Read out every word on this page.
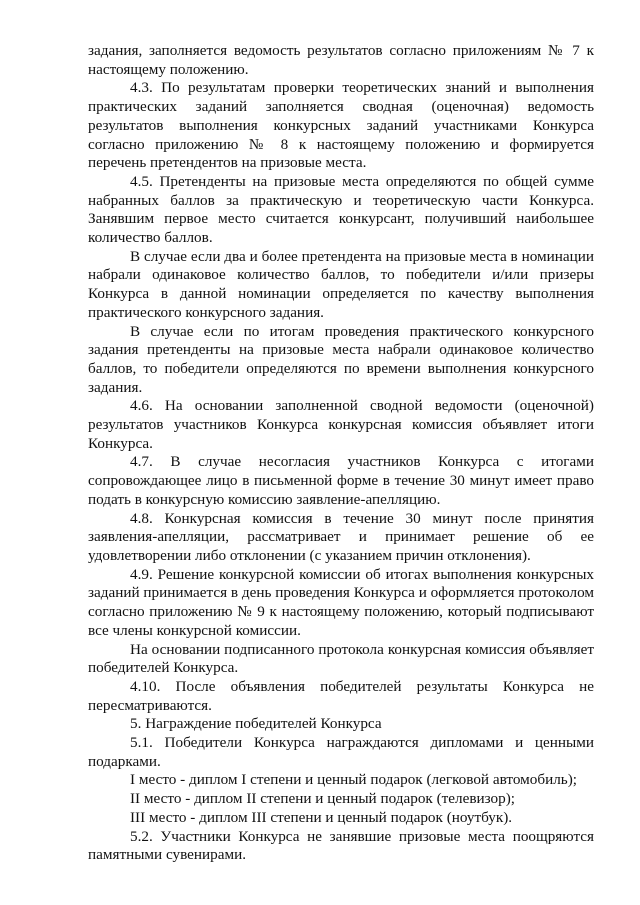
задания, заполняется ведомость результатов согласно приложениям № 7 к настоящему положению.

4.3. По результатам проверки теоретических знаний и выполнения практических заданий заполняется сводная (оценочная) ведомость результатов выполнения конкурсных заданий участниками Конкурса согласно приложению № 8 к настоящему положению и формируется перечень претендентов на призовые места.

4.5. Претенденты на призовые места определяются по общей сумме набранных баллов за практическую и теоретическую части Конкурса. Занявшим первое место считается конкурсант, получивший наибольшее количество баллов.

В случае если два и более претендента на призовые места в номинации набрали одинаковое количество баллов, то победители и/или призеры Конкурса в данной номинации определяется по качеству выполнения практического конкурсного задания.

В случае если по итогам проведения практического конкурсного задания претенденты на призовые места набрали одинаковое количество баллов, то победители определяются по времени выполнения конкурсного задания.

4.6. На основании заполненной сводной ведомости (оценочной) результатов участников Конкурса конкурсная комиссия объявляет итоги Конкурса.

4.7. В случае несогласия участников Конкурса с итогами сопровождающее лицо в письменной форме в течение 30 минут имеет право подать в конкурсную комиссию заявление-апелляцию.

4.8. Конкурсная комиссия в течение 30 минут после принятия заявления-апелляции, рассматривает и принимает решение об ее удовлетворении либо отклонении (с указанием причин отклонения).

4.9. Решение конкурсной комиссии об итогах выполнения конкурсных заданий принимается в день проведения Конкурса и оформляется протоколом согласно приложению № 9 к настоящему положению, который подписывают все члены конкурсной комиссии.

На основании подписанного протокола конкурсная комиссия объявляет победителей Конкурса.

4.10. После объявления победителей результаты Конкурса не пересматриваются.

5. Награждение победителей Конкурса

5.1. Победители Конкурса награждаются дипломами и ценными подарками.

I место - диплом I степени и ценный подарок (легковой автомобиль);

II место - диплом II степени и ценный подарок (телевизор);

III место - диплом III степени и ценный подарок (ноутбук).

5.2. Участники Конкурса не занявшие призовые места поощряются памятными сувенирами.
